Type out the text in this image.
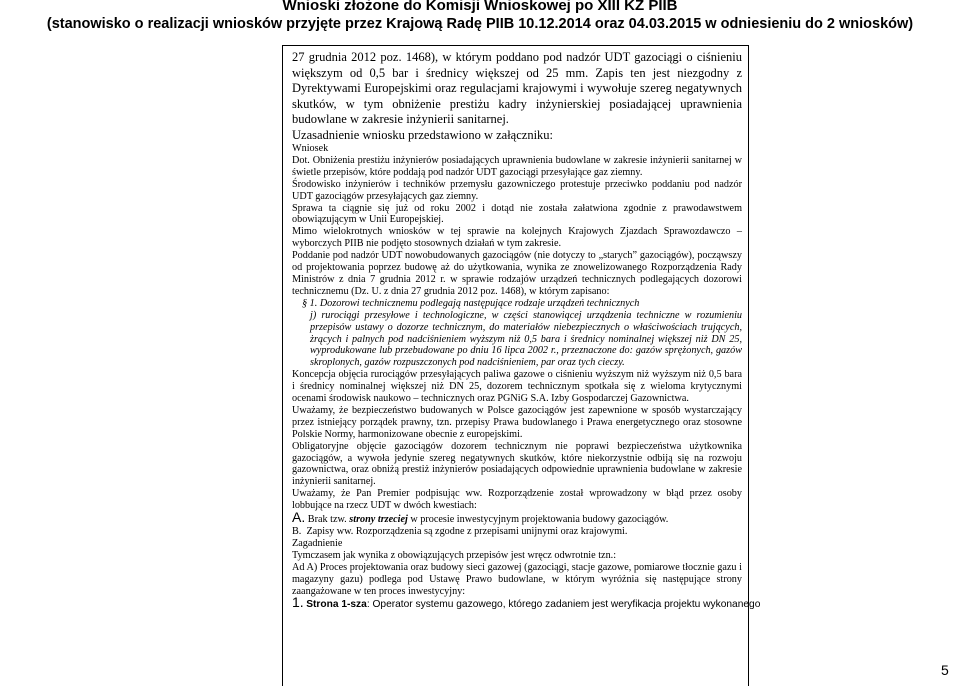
Wnioski złożone do Komisji Wnioskowej po XIII KZ PIIB
(stanowisko o realizacji wniosków przyjęte przez Krajową Radę PIIB 10.12.2014 oraz 04.03.2015 w odniesieniu do 2 wniosków)

27 grudnia 2012 poz. 1468), w którym poddano pod nadzór UDT gazociągi o ciśnieniu większym od 0,5 bar i średnicy większej od 25 mm. Zapis ten jest niezgodny z Dyrektywami Europejskimi oraz regulacjami krajowymi i wywołuje szereg negatywnych skutków, w tym obniżenie prestiżu kadry inżynierskiej posiadającej uprawnienia budowlane w zakresie inżynierii sanitarnej.

Uzasadnienie wniosku przedstawiono w załączniku:

Wniosek

Dot. Obniżenia prestiżu inżynierów posiadających uprawnienia budowlane w zakresie inżynierii sanitarnej w świetle przepisów, które poddają pod nadzór UDT gazociągi przesyłające gaz ziemny.

Środowisko inżynierów i techników przemysłu gazowniczego protestuje przeciwko poddaniu pod nadzór UDT gazociągów przesyłających gaz ziemny.

Sprawa ta ciągnie się już od roku 2002 i dotąd nie została załatwiona zgodnie z prawodawstwem obowiązującym w Unii Europejskiej.

Mimo wielokrotnych wniosków w tej sprawie na kolejnych Krajowych Zjazdach Sprawozdawczo – wyborczych PIIB nie podjęto stosownych działań w tym zakresie.

Poddanie pod nadzór UDT nowobudowanych gazociągów (nie dotyczy to „starych” gazociągów), począwszy od projektowania poprzez budowę aż do użytkowania, wynika ze znowelizowanego Rozporządzenia Rady Ministrów z dnia 7 grudnia 2012 r. w sprawie rodzajów urządzeń technicznych podlegających dozorowi technicznemu (Dz. U. z dnia 27 grudnia 2012 poz. 1468), w którym zapisano:

§ 1. Dozorowi technicznemu podlegają następujące rodzaje urządzeń technicznych

j) rurociągi przesyłowe i technologiczne, w części stanowiącej urządzenia techniczne w rozumieniu przepisów ustawy o dozorze technicznym, do materiałów niebezpiecznych o właściwościach trujących, żrących i palnych pod nadciśnieniem wyższym niż 0,5 bara i średnicy nominalnej większej niż DN 25, wyprodukowane lub przebudowane po dniu 16 lipca 2002 r., przeznaczone do: gazów sprężonych, gazów skroplonych, gazów rozpuszczonych pod nadciśnieniem, par oraz tych cieczy.

Koncepcja objęcia rurociągów przesyłających paliwa gazowe o ciśnieniu wyższym niż wyższym niż 0,5 bara i średnicy nominalnej większej niż DN 25, dozorem technicznym spotkała się z wieloma krytycznymi ocenami środowisk naukowo – technicznych oraz PGNiG S.A. Izby Gospodarczej Gazownictwa.

Uważamy, że bezpieczeństwo budowanych w Polsce gazociągów jest zapewnione w sposób wystarczający przez istniejący porządek prawny, tzn. przepisy Prawa budowlanego i Prawa energetycznego oraz stosowne Polskie Normy, harmonizowane obecnie z europejskimi.

Obligatoryjne objęcie gazociągów dozorem technicznym nie poprawi bezpieczeństwa użytkownika gazociągów, a wywoła jedynie szereg negatywnych skutków, które niekorzystnie odbiją się na rozwoju gazownictwa, oraz obniżą prestiż inżynierów posiadających odpowiednie uprawnienia budowlane w zakresie inżynierii sanitarnej.

Uważamy, że Pan Premier podpisując ww. Rozporządzenie został wprowadzony w błąd przez osoby lobbujące na rzecz UDT w dwóch kwestiach:

A. Brak tzw. strony trzeciej w procesie inwestycyjnym projektowania budowy gazociągów.

B. Zapisy ww. Rozporządzenia są zgodne z przepisami unijnymi oraz krajowymi.

Zagadnienie

Tymczasem jak wynika z obowiązujących przepisów jest wręcz odwrotnie tzn.:

Ad A) Proces projektowania oraz budowy sieci gazowej (gazociągi, stacje gazowe, pomiarowe tłocznie gazu i magazyny gazu) podlega pod Ustawę Prawo budowlane, w którym wyróżnia się następujące strony zaangażowane w ten proces inwestycyjny:

1. Strona 1-sza: Operator systemu gazowego, którego zadaniem jest weryfikacja projektu wykonanego

5
